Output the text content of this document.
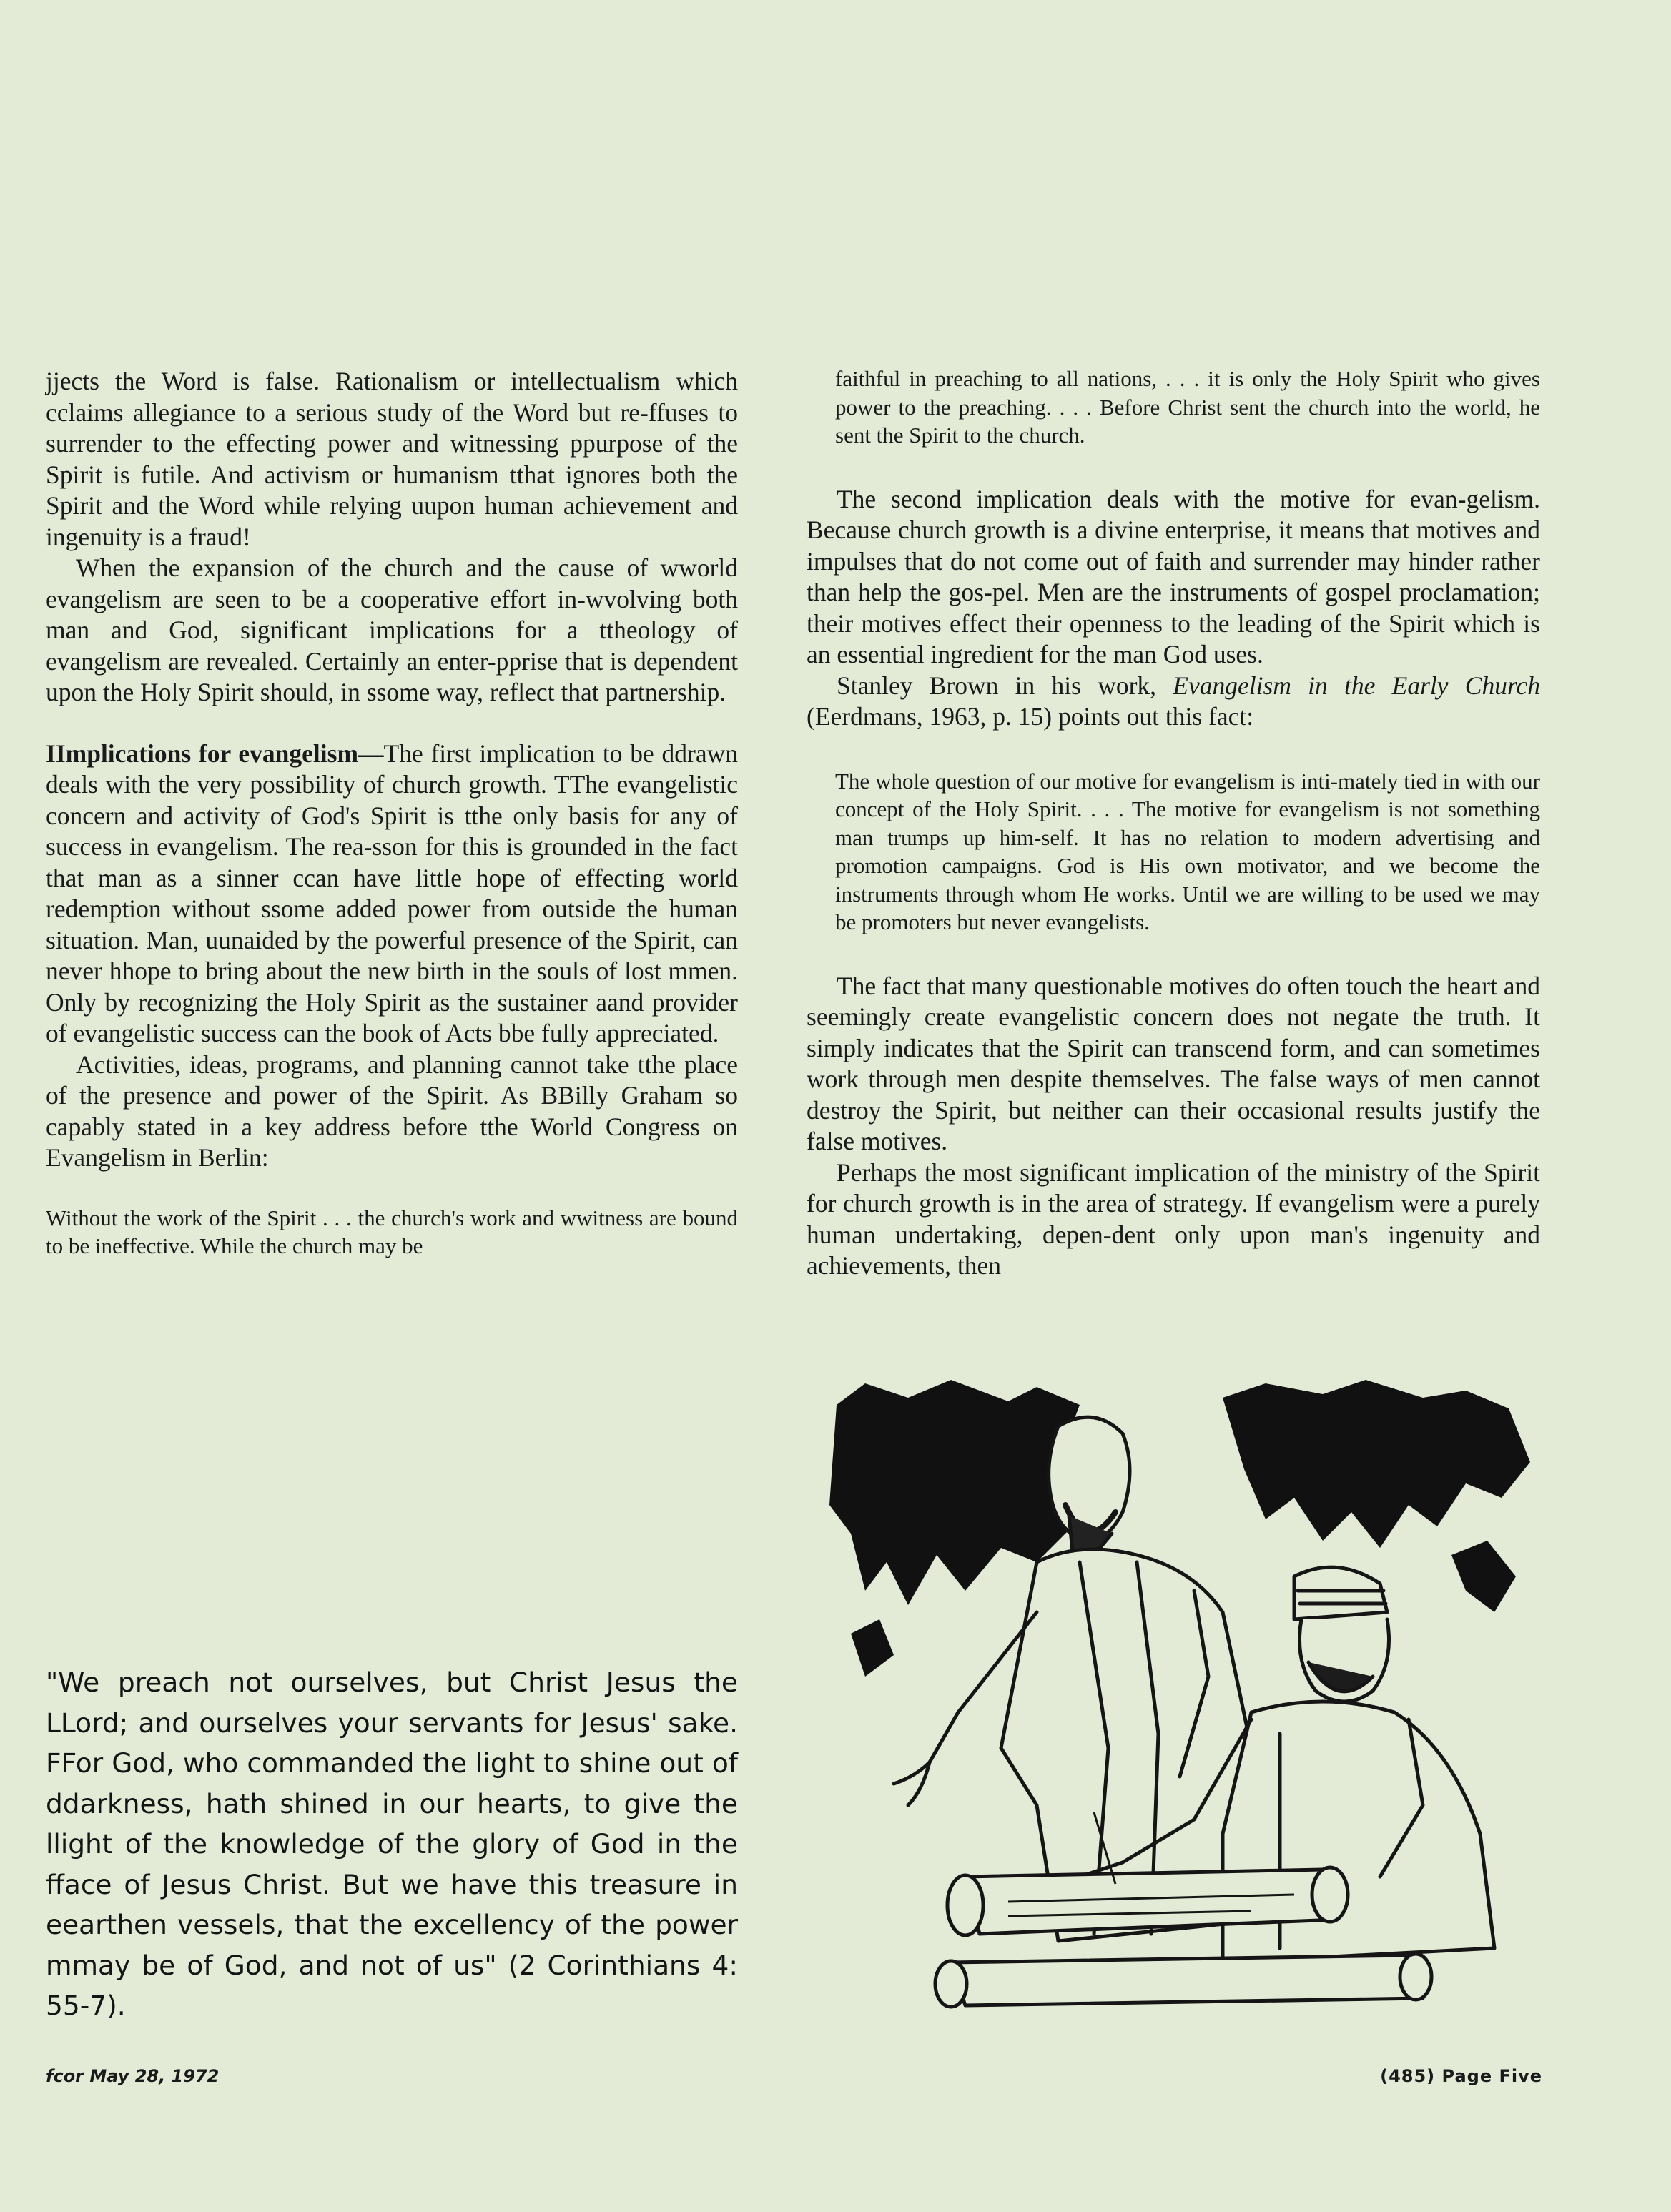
jjects the Word is false. Rationalism or intellectualism which cclaims allegiance to a serious study of the Word but re-ffuses to surrender to the effecting power and witnessing ppurpose of the Spirit is futile. And activism or humanism tthat ignores both the Spirit and the Word while relying uupon human achievement and ingenuity is a fraud!

When the expansion of the church and the cause of wworld evangelism are seen to be a cooperative effort in-wvolving both man and God, significant implications for a ttheology of evangelism are revealed. Certainly an enter-pprise that is dependent upon the Holy Spirit should, in ssome way, reflect that partnership.

IImplications for evangelism—The first implication to be ddrawn deals with the very possibility of church growth. TThe evangelistic concern and activity of God's Spirit is tthe only basis for any of success in evangelism. The rea-sson for this is grounded in the fact that man as a sinner ccan have little hope of effecting world redemption without ssome added power from outside the human situation. Man, uunaided by the powerful presence of the Spirit, can never hhope to bring about the new birth in the souls of lost mmen. Only by recognizing the Holy Spirit as the sustainer aand provider of evangelistic success can the book of Acts bbe fully appreciated.

Activities, ideas, programs, and planning cannot take tthe place of the presence and power of the Spirit. As BBilly Graham so capably stated in a key address before tthe World Congress on Evangelism in Berlin:

Without the work of the Spirit . . . the church's work and wwitness are bound to be ineffective. While the church may be

faithful in preaching to all nations, . . . it is only the Holy Spirit who gives power to the preaching. . . . Before Christ sent the church into the world, he sent the Spirit to the church.

The second implication deals with the motive for evan-gelism. Because church growth is a divine enterprise, it means that motives and impulses that do not come out of faith and surrender may hinder rather than help the gos-pel. Men are the instruments of gospel proclamation; their motives effect their openness to the leading of the Spirit which is an essential ingredient for the man God uses.

Stanley Brown in his work, Evangelism in the Early Church (Eerdmans, 1963, p. 15) points out this fact:

The whole question of our motive for evangelism is inti-mately tied in with our concept of the Holy Spirit. . . . The motive for evangelism is not something man trumps up him-self. It has no relation to modern advertising and promotion campaigns. God is His own motivator, and we become the instruments through whom He works. Until we are willing to be used we may be promoters but never evangelists.

The fact that many questionable motives do often touch the heart and seemingly create evangelistic concern does not negate the truth. It simply indicates that the Spirit can transcend form, and can sometimes work through men despite themselves. The false ways of men cannot destroy the Spirit, but neither can their occasional results justify the false motives.

Perhaps the most significant implication of the ministry of the Spirit for church growth is in the area of strategy. If evangelism were a purely human undertaking, depen-dent only upon man's ingenuity and achievements, then

"We preach not ourselves, but Christ Jesus the LLord; and ourselves your servants for Jesus' sake. FFor God, who commanded the light to shine out of ddarkness, hath shined in our hearts, to give the llight of the knowledge of the glory of God in the fface of Jesus Christ. But we have this treasure in eearthen vessels, that the excellency of the power mmay be of God, and not of us" (2 Corinthians 4: 55-7).

fcor May 28, 1972	(485) Page Five
